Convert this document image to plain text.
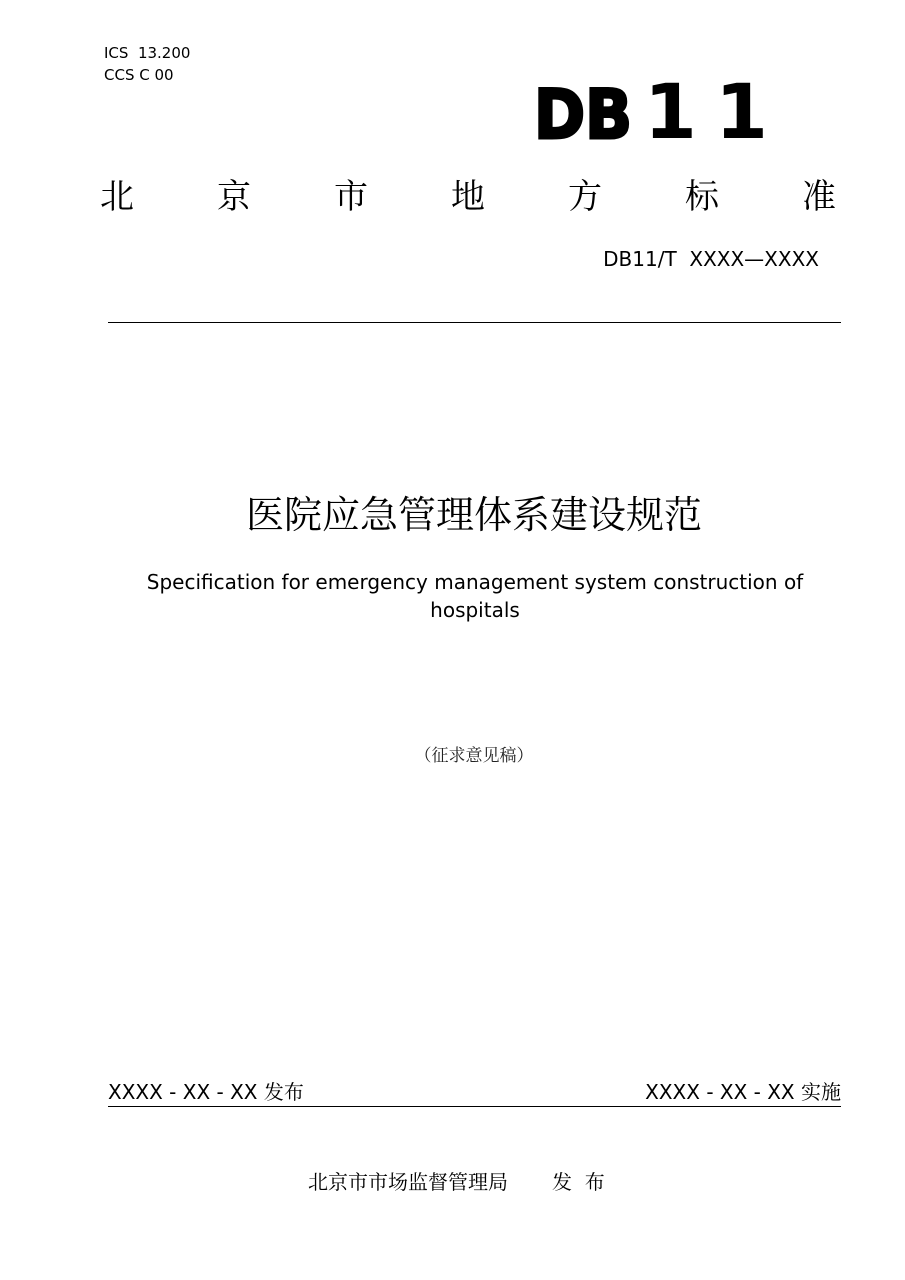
ICS  13.200
CCS C 00
DB 11
北 京 市 地 方 标 准
DB11/T  XXXX—XXXX
医院应急管理体系建设规范
Specification for emergency management system construction of hospitals
（征求意见稿）
XXXX - XX - XX 发布	XXXX - XX - XX 实施
北京市市场监督管理局 发  布
